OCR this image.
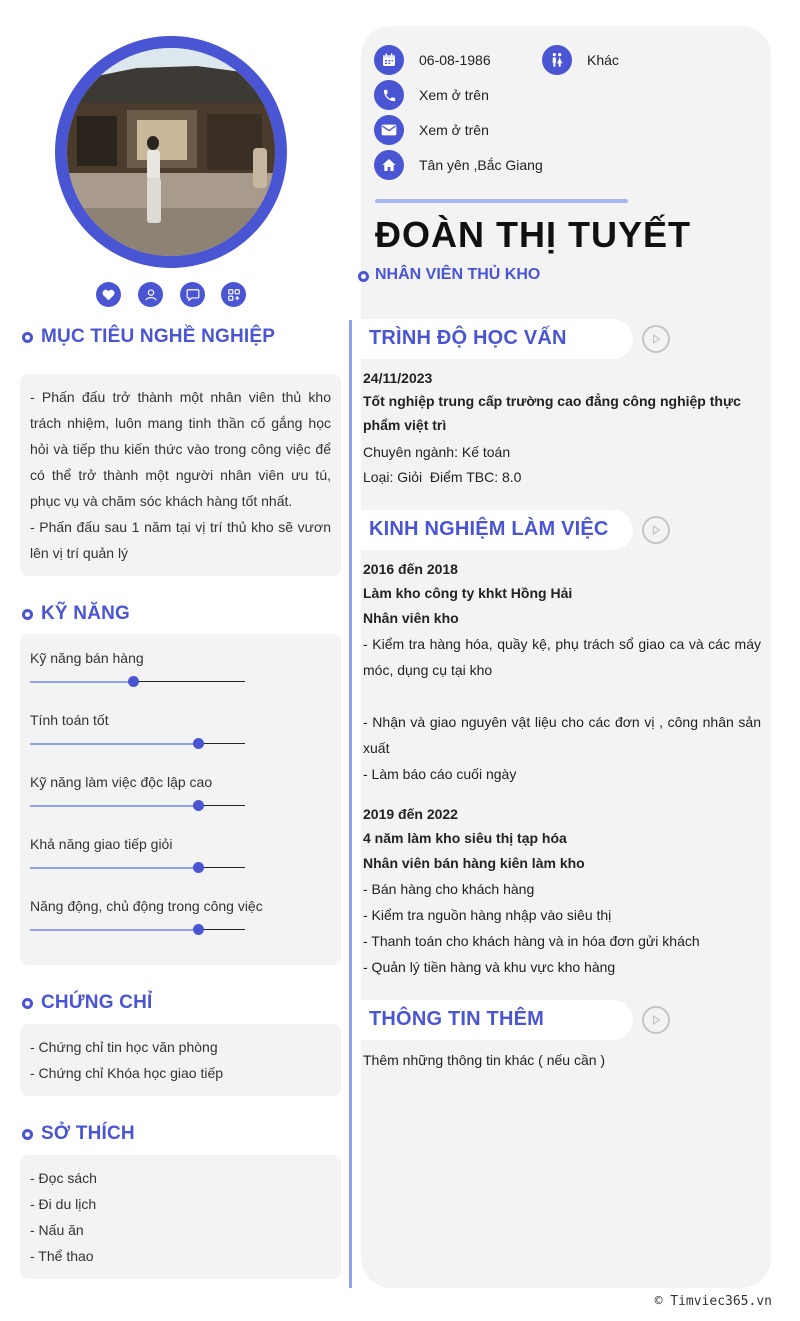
MỤC TIÊU NGHỀ NGHIỆP

- Phấn đấu trở thành một nhân viên thủ kho trách nhiệm, luôn mang tinh thần cố gắng học hỏi và tiếp thu kiến thức vào trong công việc để có thể trở thành một người nhân viên ưu tú, phục vụ và chăm sóc khách hàng tốt nhất.

- Phấn đấu sau 1 năm tại vị trí thủ kho sẽ vươn lên vị trí quản lý

KỸ NĂNG
Kỹ năng bán hàng
Tính toán tốt
Kỹ năng làm việc độc lập cao
Khả năng giao tiếp giỏi
Năng động, chủ động trong công việc
CHỨNG CHỈ

- Chứng chỉ tin học văn phòng

- Chứng chỉ Khóa học giao tiếp

SỞ THÍCH

- Đọc sách

- Đi du lịch

- Nấu ăn

- Thể thao

06-08-1986	Khác
Xem ở trên
Xem ở trên
Tân yên ,Bắc Giang
ĐOÀN THỊ TUYẾT
NHÂN VIÊN THỦ KHO
TRÌNH ĐỘ HỌC VẤN
24/11/2023
Tốt nghiệp trung cấp trường cao đẳng công nghiệp thực phẩm việt trì
Chuyên ngành: Kế toán
Loại: Giỏi  Điểm TBC: 8.0
KINH NGHIỆM LÀM VIỆC
2016 đến 2018
Làm kho công ty khkt Hồng Hải
Nhân viên kho
- Kiểm tra hàng hóa, quầy kệ, phụ trách sổ giao ca và các máy móc, dụng cụ tại kho
- Nhận và giao nguyên vật liệu cho các đơn vị , công nhân sản xuất
- Làm báo cáo cuối ngày
2019 đến 2022
4 năm làm kho siêu thị tạp hóa
Nhân viên bán hàng kiên làm kho
- Bán hàng cho khách hàng
- Kiểm tra nguồn hàng nhập vào siêu thị
- Thanh toán cho khách hàng và in hóa đơn gửi khách
- Quản lý tiền hàng và khu vực kho hàng
THÔNG TIN THÊM
Thêm những thông tin khác ( nếu cần )
© Timviec365.vn
